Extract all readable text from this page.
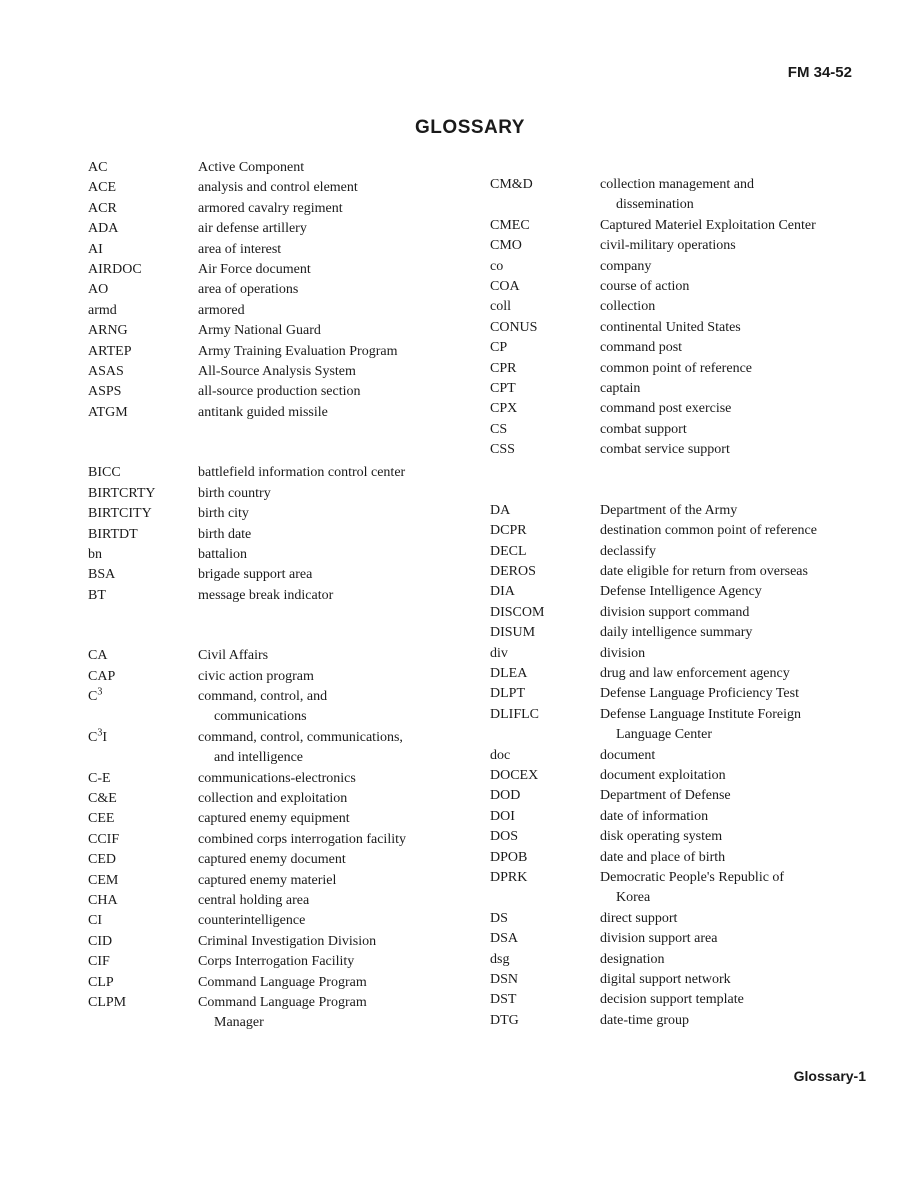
FM 34-52
GLOSSARY
AC	Active Component
ACE	analysis and control element
ACR	armored cavalry regiment
ADA	air defense artillery
AI	area of interest
AIRDOC	Air Force document
AO	area of operations
armd	armored
ARNG	Army National Guard
ARTEP	Army Training Evaluation Program
ASAS	All-Source Analysis System
ASPS	all-source production section
ATGM	antitank guided missile
BICC	battlefield information control center
BIRTCRTY	birth country
BIRTCITY	birth city
BIRTDT	birth date
bn	battalion
BSA	brigade support area
BT	message break indicator
CA	Civil Affairs
CAP	civic action program
$C^3$	command, control, and
communications
$C^3I$	command, control, communications,
and intelligence
C-E	communications-electronics
C&E	collection and exploitation
CEE	captured enemy equipment
CCIF	combined corps interrogation facility
CED	captured enemy document
CEM	captured enemy materiel
CHA	central holding area
CI	counterintelligence
CID	Criminal Investigation Division
CIF	Corps Interrogation Facility
CLP	Command Language Program
CLPM	Command Language Program
Manager
CM&D	collection management and
dissemination
CMEC	Captured Materiel Exploitation Center
CMO	civil-military operations
co	company
COA	course of action
coll	collection
CONUS	continental United States
CP	command post
CPR	common point of reference
CPT	captain
CPX	command post exercise
CS	combat support
CSS	combat service support
DA	Department of the Army
DCPR	destination common point of reference
DECL	declassify
DEROS	date eligible for return from overseas
DIA	Defense Intelligence Agency
DISCOM	division support command
DISUM	daily intelligence summary
div	division
DLEA	drug and law enforcement agency
DLPT	Defense Language Proficiency Test
DLIFLC	Defense Language Institute Foreign
Language Center
doc	document
DOCEX	document exploitation
DOD	Department of Defense
DOI	date of information
DOS	disk operating system
DPOB	date and place of birth
DPRK	Democratic People's Republic of
Korea
DS	direct support
DSA	division support area
dsg	designation
DSN	digital support network
DST	decision support template
DTG	date-time group
Glossary-1
